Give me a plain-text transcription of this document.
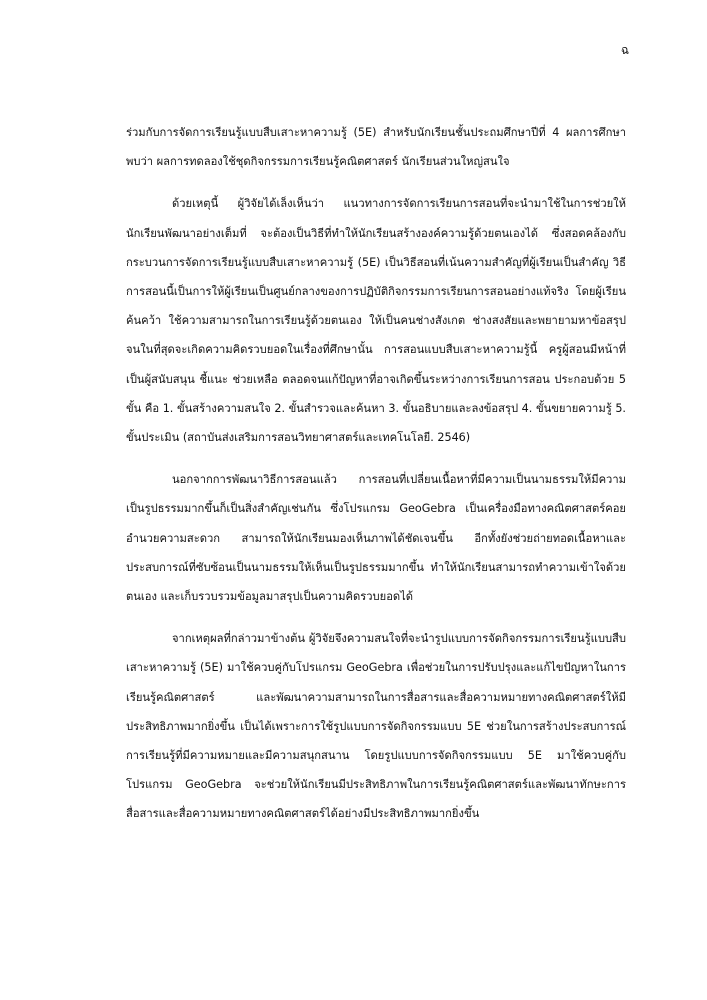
ฉ

ร่วมกับการจัดการเรียนรู้แบบสืบเสาะหาความรู้ (5E) สำหรับนักเรียนชั้นประถมศึกษาปีที่ 4 ผลการศึกษาพบว่า ผลการทดลองใช้ชุดกิจกรรมการเรียนรู้คณิตศาสตร์ นักเรียนส่วนใหญ่สนใจ

ด้วยเหตุนี้ ผู้วิจัยได้เล็งเห็นว่า แนวทางการจัดการเรียนการสอนที่จะนำมาใช้ในการช่วยให้นักเรียนพัฒนาอย่างเต็มที่ จะต้องเป็นวิธีที่ทำให้นักเรียนสร้างองค์ความรู้ด้วยตนเองได้ ซึ่งสอดคล้องกับกระบวนการจัดการเรียนรู้แบบสืบเสาะหาความรู้ (5E) เป็นวิธีสอนที่เน้นความสำคัญที่ผู้เรียนเป็นสำคัญ วิธีการสอนนี้เป็นการให้ผู้เรียนเป็นศูนย์กลางของการปฏิบัติกิจกรรมการเรียนการสอนอย่างแท้จริง โดยผู้เรียนค้นคว้า ใช้ความสามารถในการเรียนรู้ด้วยตนเอง ให้เป็นคนช่างสังเกต ช่างสงสัยและพยายามหาข้อสรุป จนในที่สุดจะเกิดความคิดรวบยอดในเรื่องที่ศึกษานั้น การสอนแบบสืบเสาะหาความรู้นี้ ครูผู้สอนมีหน้าที่เป็นผู้สนับสนุน ชี้แนะ ช่วยเหลือ ตลอดจนแก้ปัญหาที่อาจเกิดขึ้นระหว่างการเรียนการสอน ประกอบด้วย 5 ขั้น คือ 1. ขั้นสร้างความสนใจ 2. ขั้นสำรวจและค้นหา 3. ขั้นอธิบายและลงข้อสรุป 4. ขั้นขยายความรู้ 5. ขั้นประเมิน (สถาบันส่งเสริมการสอนวิทยาศาสตร์และเทคโนโลยี. 2546)

นอกจากการพัฒนาวิธีการสอนแล้ว การสอนที่เปลี่ยนเนื้อหาที่มีความเป็นนามธรรมให้มีความเป็นรูปธรรมมากขึ้นก็เป็นสิ่งสำคัญเช่นกัน ซึ่งโปรแกรม GeoGebra เป็นเครื่องมือทางคณิตศาสตร์คอยอำนวยความสะดวก สามารถให้นักเรียนมองเห็นภาพได้ชัดเจนขึ้น อีกทั้งยังช่วยถ่ายทอดเนื้อหาและประสบการณ์ที่ซับซ้อนเป็นนามธรรมให้เห็นเป็นรูปธรรมมากขึ้น ทำให้นักเรียนสามารถทำความเข้าใจด้วยตนเอง และเก็บรวบรวมข้อมูลมาสรุปเป็นความคิดรวบยอดได้

จากเหตุผลที่กล่าวมาข้างต้น ผู้วิจัยจึงความสนใจที่จะนำรูปแบบการจัดกิจกรรมการเรียนรู้แบบสืบเสาะหาความรู้ (5E) มาใช้ควบคู่กับโปรแกรม GeoGebra เพื่อช่วยในการปรับปรุงและแก้ไขปัญหาในการเรียนรู้คณิตศาสตร์ และพัฒนาความสามารถในการสื่อสารและสื่อความหมายทางคณิตศาสตร์ให้มีประสิทธิภาพมากยิ่งขึ้น เป็นได้เพราะการใช้รูปแบบการจัดกิจกรรมแบบ 5E ช่วยในการสร้างประสบการณ์การเรียนรู้ที่มีความหมายและมีความสนุกสนาน โดยรูปแบบการจัดกิจกรรมแบบ 5E มาใช้ควบคู่กับโปรแกรม GeoGebra จะช่วยให้นักเรียนมีประสิทธิภาพในการเรียนรู้คณิตศาสตร์และพัฒนาทักษะการสื่อสารและสื่อความหมายทางคณิตศาสตร์ได้อย่างมีประสิทธิภาพมากยิ่งขึ้น
